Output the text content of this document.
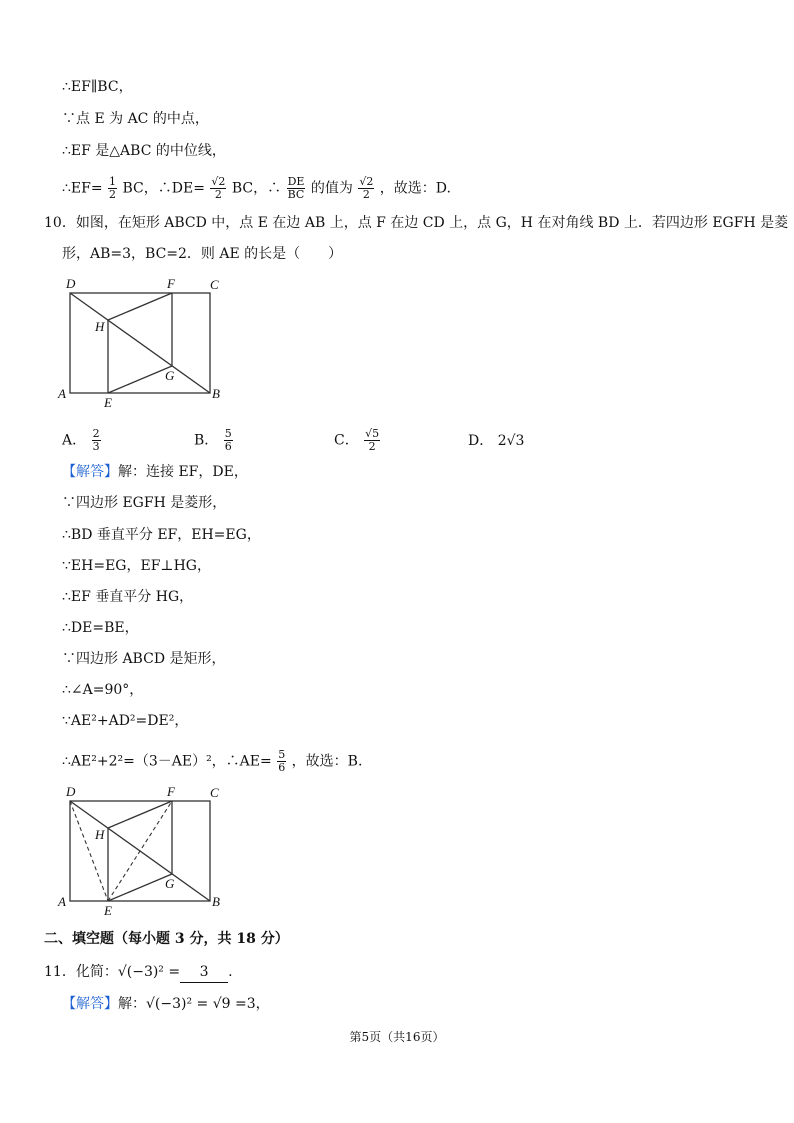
∴EF∥BC，
∵点 E 为 AC 的中点，
∴EF 是△ABC 的中位线，
∴EF= $\frac{1}{2}$ BC，∴DE= $\frac{√2}{2}$ BC，∴ $\frac{DE}{BC}$ 的值为 $\frac{√2}{2}$ ，故选：D.
10．如图，在矩形 ABCD 中，点 E 在边 AB 上，点 F 在边 CD 上，点 G，H 在对角线 BD 上．若四边形 EGFH 是菱
形，AB=3，BC=2．则 AE 的长是（　　）
D	F	C
H
G
A
E
B
A． $\frac{2}{3}$	B． $\frac{5}{6}$	C． $\frac{√5}{2}$	D． 2√3
【解答】解：连接 EF，DE，
∵四边形 EGFH 是菱形，
∴BD 垂直平分 EF，EH=EG，
∵EH=EG，EF⊥HG，
∴EF 垂直平分 HG，
∴DE=BE，
∵四边形 ABCD 是矩形，
∴∠A=90°，
∵AE²+AD²=DE²，
∴AE²+2²=（3－AE）²，∴AE= $\frac{5}{6}$ ，故选：B.
D	F	C
H
G
A
E
B
二、填空题（每小题 3 分，共 18 分）
11．化简：√(−3)² = 3 .
【解答】解：√(−3)² = √9 =3，
第5页（共16页）
